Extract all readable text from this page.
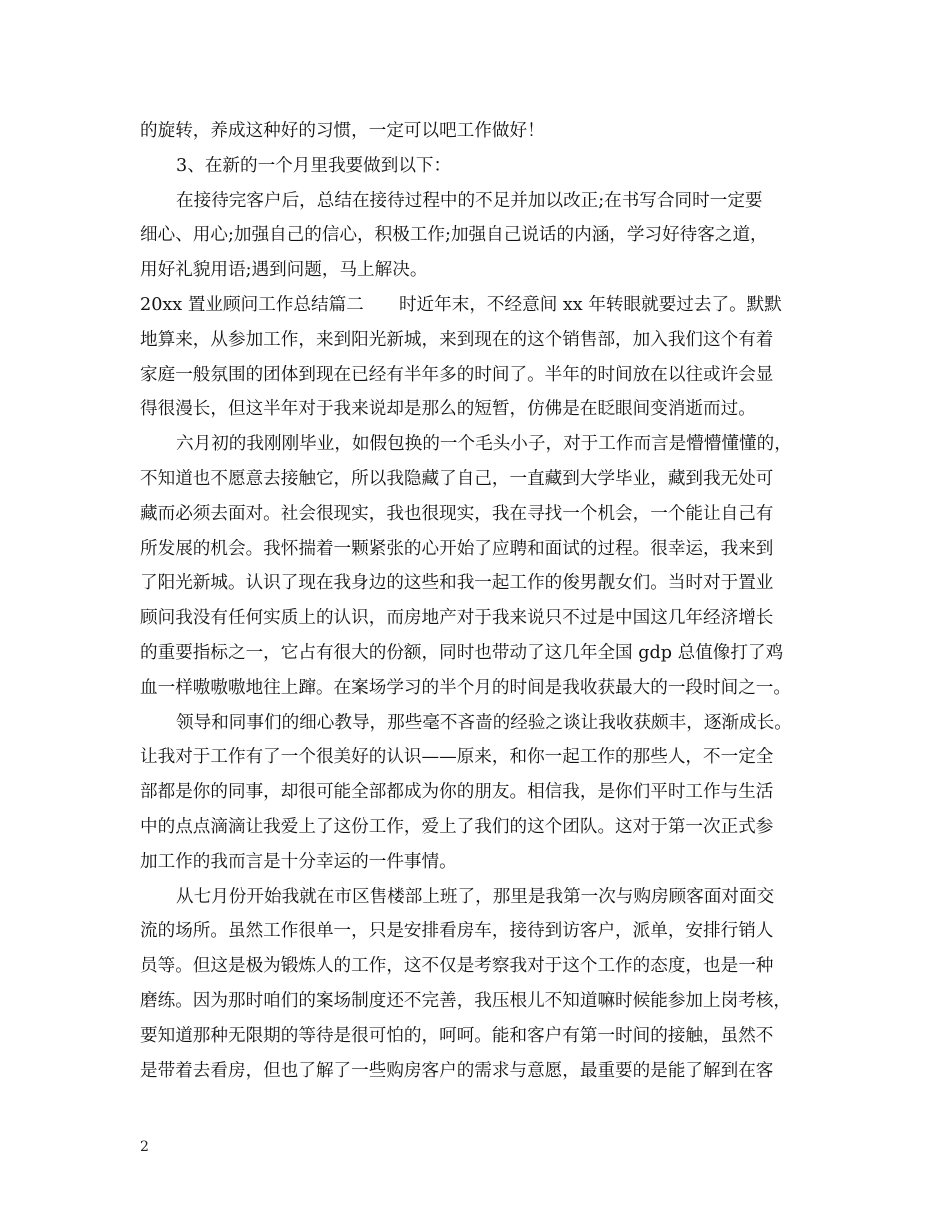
的旋转，养成这种好的习惯，一定可以吧工作做好！
3、在新的一个月里我要做到以下：
在接待完客户后，总结在接待过程中的不足并加以改正;在书写合同时一定要
细心、用心;加强自己的信心，积极工作;加强自己说话的内涵，学习好待客之道，
用好礼貌用语;遇到问题，马上解决。
20xx 置业顾问工作总结篇二　　时近年末，不经意间 xx 年转眼就要过去了。默默
地算来，从参加工作，来到阳光新城，来到现在的这个销售部，加入我们这个有着
家庭一般氛围的团体到现在已经有半年多的时间了。半年的时间放在以往或许会显
得很漫长，但这半年对于我来说却是那么的短暂，仿佛是在眨眼间变消逝而过。
六月初的我刚刚毕业，如假包换的一个毛头小子，对于工作而言是懵懵懂懂的，
不知道也不愿意去接触它，所以我隐藏了自己，一直藏到大学毕业，藏到我无处可
藏而必须去面对。社会很现实，我也很现实，我在寻找一个机会，一个能让自己有
所发展的机会。我怀揣着一颗紧张的心开始了应聘和面试的过程。很幸运，我来到
了阳光新城。认识了现在我身边的这些和我一起工作的俊男靓女们。当时对于置业
顾问我没有任何实质上的认识，而房地产对于我来说只不过是中国这几年经济增长
的重要指标之一，它占有很大的份额，同时也带动了这几年全国 gdp 总值像打了鸡
血一样嗷嗷嗷地往上蹿。在案场学习的半个月的时间是我收获最大的一段时间之一。
领导和同事们的细心教导，那些毫不吝啬的经验之谈让我收获颇丰，逐渐成长。
让我对于工作有了一个很美好的认识——原来，和你一起工作的那些人，不一定全
部都是你的同事，却很可能全部都成为你的朋友。相信我，是你们平时工作与生活
中的点点滴滴让我爱上了这份工作，爱上了我们的这个团队。这对于第一次正式参
加工作的我而言是十分幸运的一件事情。
从七月份开始我就在市区售楼部上班了，那里是我第一次与购房顾客面对面交
流的场所。虽然工作很单一，只是安排看房车，接待到访客户，派单，安排行销人
员等。但这是极为锻炼人的工作，这不仅是考察我对于这个工作的态度，也是一种
磨练。因为那时咱们的案场制度还不完善，我压根儿不知道嘛时候能参加上岗考核，
要知道那种无限期的等待是很可怕的，呵呵。能和客户有第一时间的接触，虽然不
是带着去看房，但也了解了一些购房客户的需求与意愿，最重要的是能了解到在客
2
